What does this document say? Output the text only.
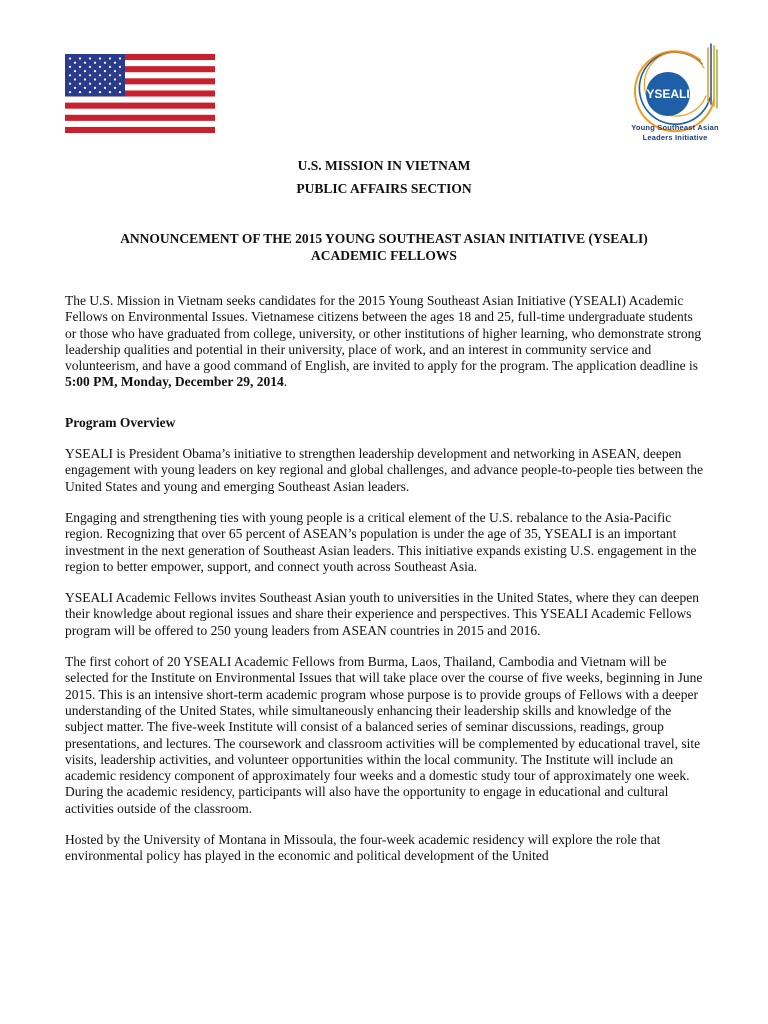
YSEALI
Young Southeast Asian
Leaders Initiative
U.S. MISSION IN VIETNAM
PUBLIC AFFAIRS SECTION
ANNOUNCEMENT OF THE 2015 YOUNG SOUTHEAST ASIAN INITIATIVE (YSEALI)
ACADEMIC FELLOWS

The U.S. Mission in Vietnam seeks candidates for the 2015 Young Southeast Asian Initiative (YSEALI) Academic Fellows on Environmental Issues. Vietnamese citizens between the ages 18 and 25, full-time undergraduate students or those who have graduated from college, university, or other institutions of higher learning, who demonstrate strong leadership qualities and potential in their university, place of work, and an interest in community service and volunteerism, and have a good command of English, are invited to apply for the program. The application deadline is 5:00 PM, Monday, December 29, 2014.

Program Overview

YSEALI is President Obama’s initiative to strengthen leadership development and networking in ASEAN, deepen engagement with young leaders on key regional and global challenges, and advance people-to-people ties between the United States and young and emerging Southeast Asian leaders.

Engaging and strengthening ties with young people is a critical element of the U.S. rebalance to the Asia-Pacific region. Recognizing that over 65 percent of ASEAN’s population is under the age of 35, YSEALI is an important investment in the next generation of Southeast Asian leaders. This initiative expands existing U.S. engagement in the region to better empower, support, and connect youth across Southeast Asia.

YSEALI Academic Fellows invites Southeast Asian youth to universities in the United States, where they can deepen their knowledge about regional issues and share their experience and perspectives. This YSEALI Academic Fellows program will be offered to 250 young leaders from ASEAN countries in 2015 and 2016.

The first cohort of 20 YSEALI Academic Fellows from Burma, Laos, Thailand, Cambodia and Vietnam will be selected for the Institute on Environmental Issues that will take place over the course of five weeks, beginning in June 2015. This is an intensive short-term academic program whose purpose is to provide groups of Fellows with a deeper understanding of the United States, while simultaneously enhancing their leadership skills and knowledge of the subject matter. The five-week Institute will consist of a balanced series of seminar discussions, readings, group presentations, and lectures. The coursework and classroom activities will be complemented by educational travel, site visits, leadership activities, and volunteer opportunities within the local community. The Institute will include an academic residency component of approximately four weeks and a domestic study tour of approximately one week. During the academic residency, participants will also have the opportunity to engage in educational and cultural activities outside of the classroom.

Hosted by the University of Montana in Missoula, the four-week academic residency will explore the role that environmental policy has played in the economic and political development of the United
